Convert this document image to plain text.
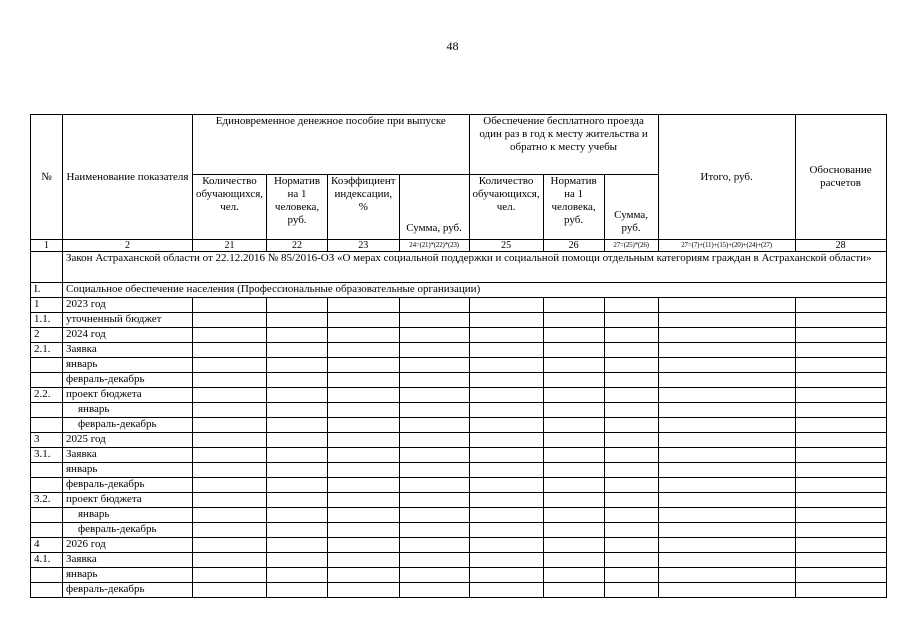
48
№	Наименование показателя	Единовременное денежное пособие при выпуске				Обеспечение бесплатного проезда один раз в год к месту жительства и обратно к месту учебы			Итого, руб.	Обоснование расчетов
		Количество обучающихся, чел.	Норматив на 1 человека, руб.	Коэффициент индексации, %	Сумма, руб.	Количество обучающихся, чел.	Норматив на 1 человека, руб.	Сумма, руб.		
1	2	21	22	23	24=(21)*(22)*(23)	25	26	27=(25)*(26)	27=(7)+(11)+(15)+(20)+(24)+(27)	28
	Закон Астраханской области от 22.12.2016 № 85/2016-ОЗ «О мерах социальной поддержки и социальной помощи отдельным категориям граждан в Астраханской области»									
I.	Социальное обеспечение населения (Профессиональные образовательные организации)									
1	2023 год									
1.1.	уточненный бюджет									
2	2024 год									
2.1.	Заявка									
	январь									
	февраль-декабрь									
2.2.	проект бюджета									
	январь									
	февраль-декабрь									
3	2025 год									
3.1.	Заявка									
	январь									
	февраль-декабрь									
3.2.	проект бюджета									
	январь									
	февраль-декабрь									
4	2026 год									
4.1.	Заявка									
	январь									
	февраль-декабрь									
